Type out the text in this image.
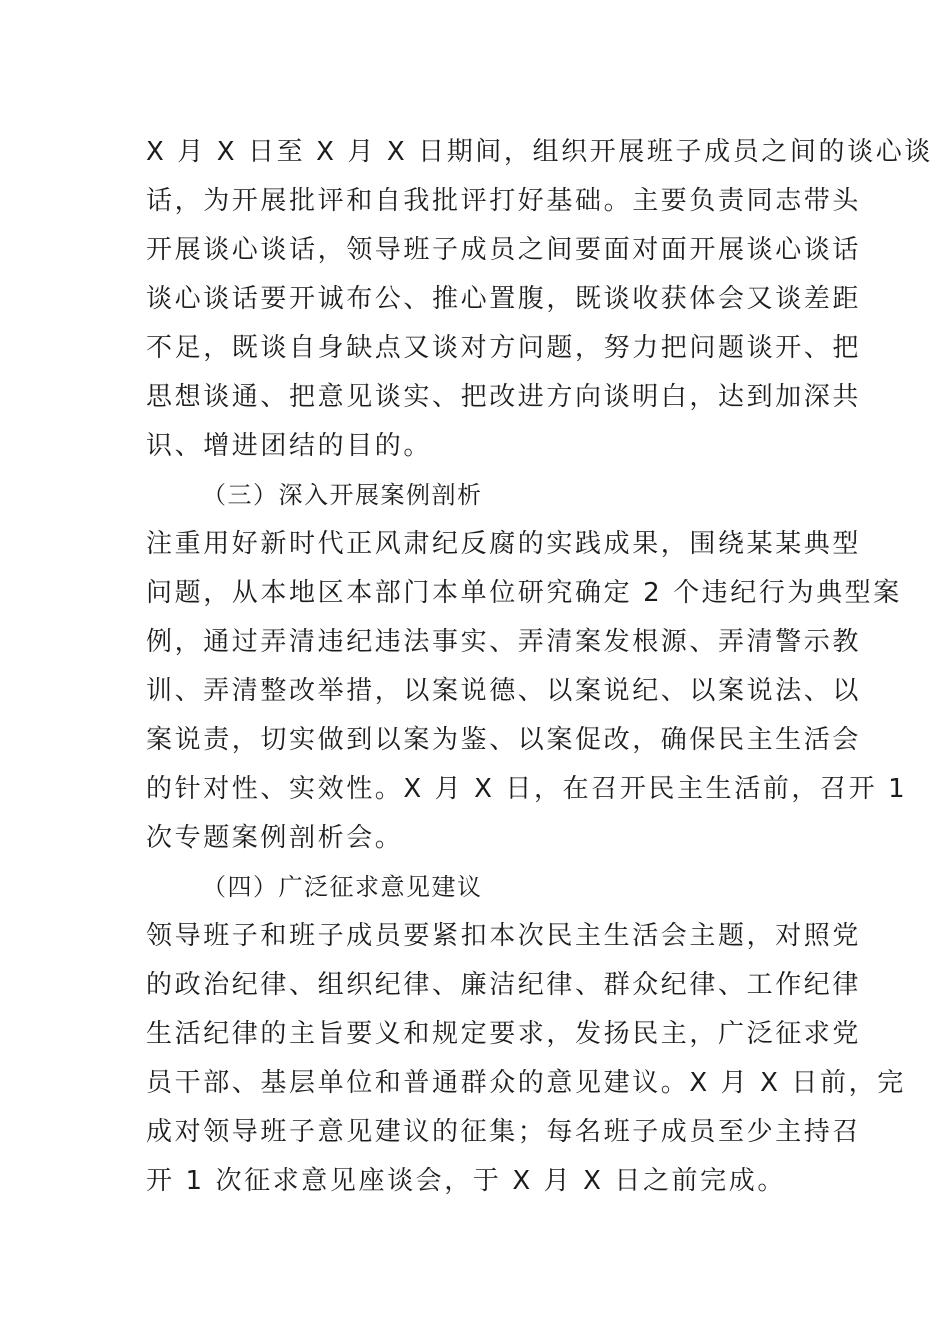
X 月 X 日至 X 月 X 日期间，组织开展班子成员之间的谈心谈
话，为开展批评和自我批评打好基础。主要负责同志带头
开展谈心谈话，领导班子成员之间要面对面开展谈心谈话
谈心谈话要开诚布公、推心置腹，既谈收获体会又谈差距
不足，既谈自身缺点又谈对方问题，努力把问题谈开、把
思想谈通、把意见谈实、把改进方向谈明白，达到加深共
识、增进团结的目的。
（三）深入开展案例剖析
注重用好新时代正风肃纪反腐的实践成果，围绕某某典型
问题，从本地区本部门本单位研究确定 2 个违纪行为典型案
例，通过弄清违纪违法事实、弄清案发根源、弄清警示教
训、弄清整改举措，以案说德、以案说纪、以案说法、以
案说责，切实做到以案为鉴、以案促改，确保民主生活会
的针对性、实效性。X 月 X 日，在召开民主生活前，召开 1
次专题案例剖析会。
（四）广泛征求意见建议
领导班子和班子成员要紧扣本次民主生活会主题，对照党
的政治纪律、组织纪律、廉洁纪律、群众纪律、工作纪律
生活纪律的主旨要义和规定要求，发扬民主，广泛征求党
员干部、基层单位和普通群众的意见建议。X 月 X 日前，完
成对领导班子意见建议的征集；每名班子成员至少主持召
开 1 次征求意见座谈会，于 X 月 X 日之前完成。
